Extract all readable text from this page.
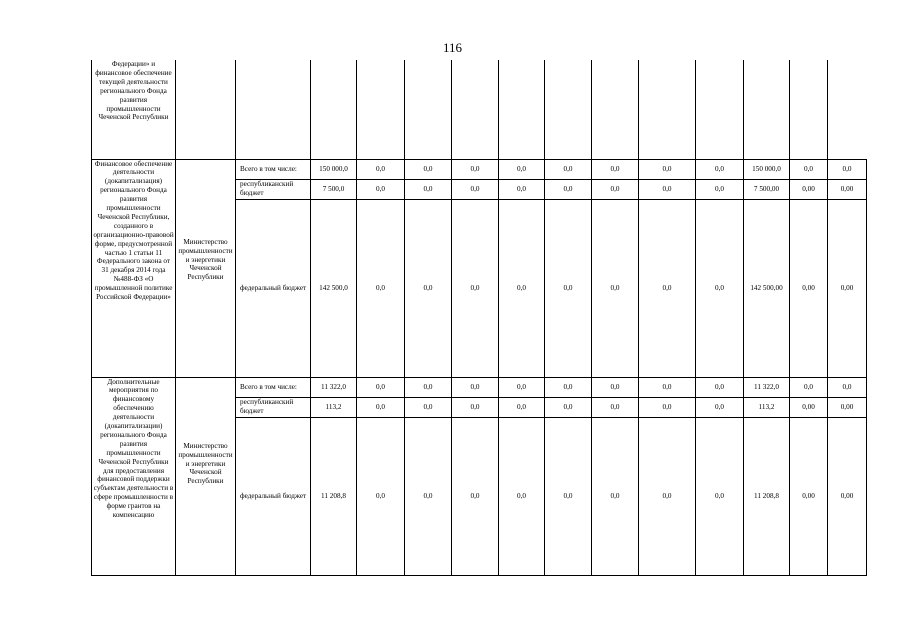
116
Федерации» и финансовое обеспечение текущей деятельности регионального Фонда развития промышленности Чеченской Республики														
Финансовое обеспечение деятельности (докапитализация) регионального Фонда развития промышленности Чеченской Республики, созданного в организационно-правовой форме, предусмотренной частью 1 статьи 11 Федерального закона от 31 декабря 2014 года №488-ФЗ «О промышленной политике Российской Федерации»	Министерство промышленности и энергетики Чеченской Республики	Всего в том числе:	150 000,0	0,0	0,0	0,0	0,0	0,0	0,0	0,0	0,0	150 000,0	0,0	0,0
		республиканский бюджет	7 500,0	0,0	0,0	0,0	0,0	0,0	0,0	0,0	0,0	7 500,00	0,00	0,00
		федеральный бюджет	142 500,0	0,0	0,0	0,0	0,0	0,0	0,0	0,0	0,0	142 500,00	0,00	0,00
Дополнительные мероприятия по финансовому обеспечению деятельности (докапитализации) регионального Фонда развития промышленности Чеченской Республики для предоставления финансовой поддержки субъектам деятельности в сфере промышленности в форме грантов на компенсацию	Министерство промышленности и энергетики Чеченской Республики	Всего в том числе:	11 322,0	0,0	0,0	0,0	0,0	0,0	0,0	0,0	0,0	11 322,0	0,0	0,0
		республиканский бюджет	113,2	0,0	0,0	0,0	0,0	0,0	0,0	0,0	0,0	113,2	0,00	0,00
		федеральный бюджет	11 208,8	0,0	0,0	0,0	0,0	0,0	0,0	0,0	0,0	11 208,8	0,00	0,00
